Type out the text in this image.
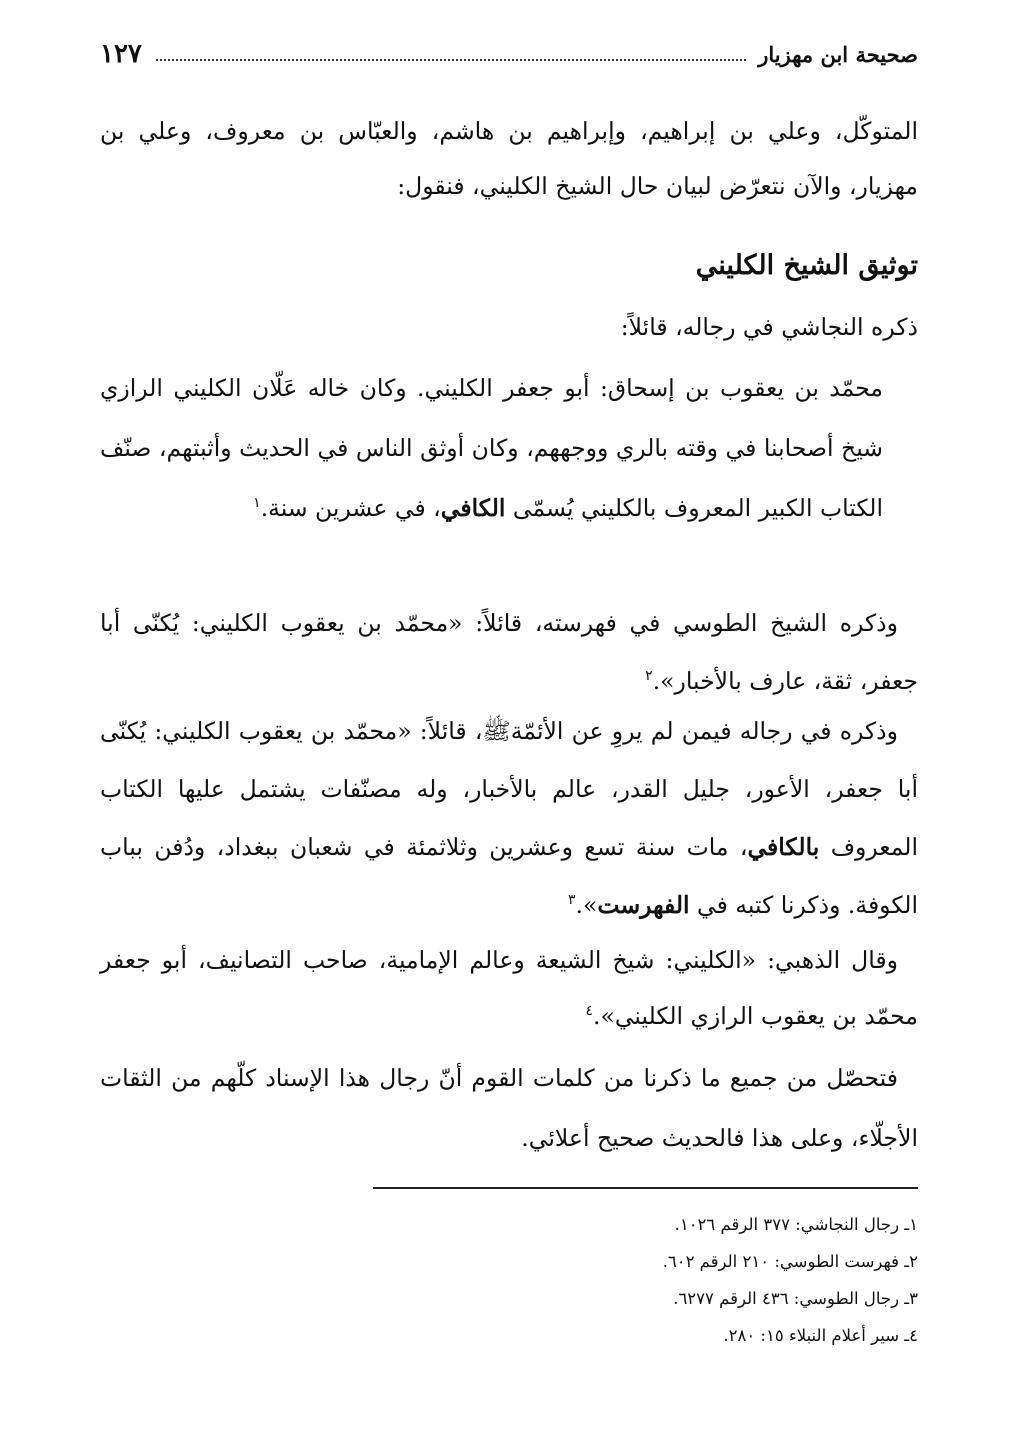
صحيحة ابن مهزيار
١٢٧

المتوكّل، وعلي بن إبراهيم، وإبراهيم بن هاشم، والعبّاس بن معروف، وعلي بن مهزيار، والآن نتعرّض لبيان حال الشيخ الكليني، فنقول:

توثيق الشيخ الكليني

ذكره النجاشي في رجاله، قائلاً:

محمّد بن يعقوب بن إسحاق: أبو جعفر الكليني. وكان خاله عَلّان الكليني الرازي شيخ أصحابنا في وقته بالري ووجههم، وكان أوثق الناس في الحديث وأثبتهم، صنّف الكتاب الكبير المعروف بالكليني يُسمّى الكافي، في عشرين سنة.$^١$

وذكره الشيخ الطوسي في فهرسته، قائلاً: «محمّد بن يعقوب الكليني: يُكنّى أبا جعفر، ثقة، عارف بالأخبار».$^٢$

وذكره في رجاله فيمن لم يروِ عن الأئمّةﷺ، قائلاً: «محمّد بن يعقوب الكليني: يُكنّى أبا جعفر، الأعور، جليل القدر، عالم بالأخبار، وله مصنّفات يشتمل عليها الكتاب المعروف بالكافي، مات سنة تسع وعشرين وثلاثمئة في شعبان ببغداد، ودُفن بباب الكوفة. وذكرنا كتبه في الفهرست».$^٣$

وقال الذهبي: «الكليني: شيخ الشيعة وعالم الإمامية، صاحب التصانيف، أبو جعفر محمّد بن يعقوب الرازي الكليني».$^٤$

فتحصّل من جميع ما ذكرنا من كلمات القوم أنّ رجال هذا الإسناد كلّهم من الثقات الأجلّاء، وعلى هذا فالحديث صحيح أعلائي.

١ـ رجال النجاشي: ٣٧٧ الرقم ١٠٢٦.
٢ـ فهرست الطوسي: ٢١٠ الرقم ٦٠٢.
٣ـ رجال الطوسي: ٤٣٦ الرقم ٦٢٧٧.
٤ـ سير أعلام النبلاء ١٥: ٢٨٠.
